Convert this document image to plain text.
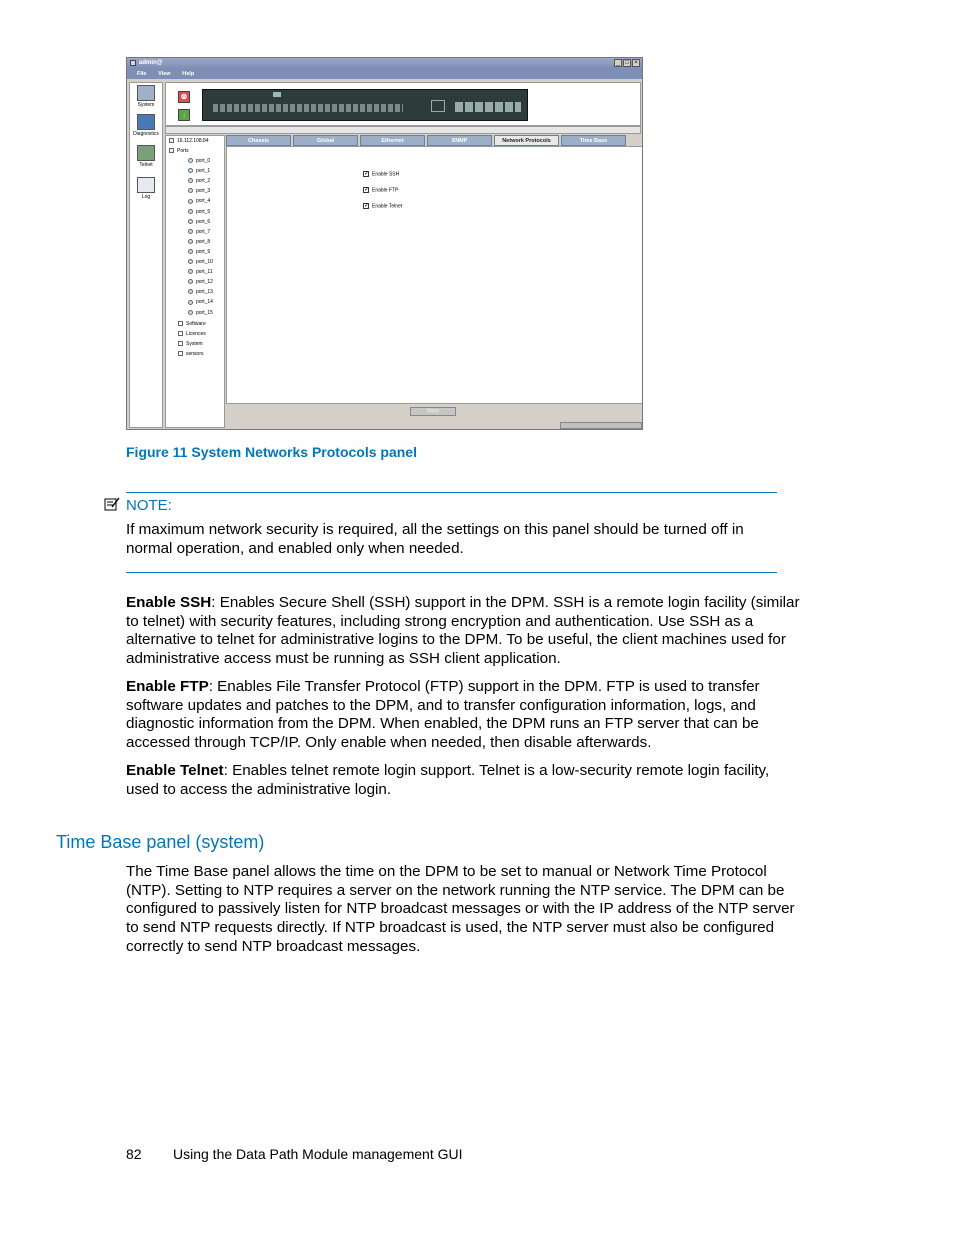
admin@	_ □ ×
File View Help
System
Diagnostics
Telnet
Log
⊗
↓
16.112.108.84
Ports
port_0
port_1
port_2
port_3
port_4
port_5
port_6
port_7
port_8
port_9
port_10
port_11
port_12
port_13
port_14
port_15
Software
Licences
System
sensors
Chassis	Global	Ethernet	SNMP	Network Protocols	Time Base
✓ Enable SSH
✓ Enable FTP
✓ Enable Telnet
Apply
Figure 11 System Networks Protocols panel
NOTE:
If maximum network security is required, all the settings on this panel should be turned off in normal operation, and enabled only when needed.
Enable SSH: Enables Secure Shell (SSH) support in the DPM. SSH is a remote login facility (similar to telnet) with security features, including strong encryption and authentication. Use SSH as a alternative to telnet for administrative logins to the DPM. To be useful, the client machines used for administrative access must be running as SSH client application.
Enable FTP: Enables File Transfer Protocol (FTP) support in the DPM. FTP is used to transfer software updates and patches to the DPM, and to transfer configuration information, logs, and diagnostic information from the DPM. When enabled, the DPM runs an FTP server that can be accessed through TCP/IP. Only enable when needed, then disable afterwards.
Enable Telnet: Enables telnet remote login support. Telnet is a low-security remote login facility, used to access the administrative login.
Time Base panel (system)
The Time Base panel allows the time on the DPM to be set to manual or Network Time Protocol (NTP). Setting to NTP requires a server on the network running the NTP service. The DPM can be configured to passively listen for NTP broadcast messages or with the IP address of the NTP server to send NTP requests directly. If NTP broadcast is used, the NTP server must also be configured correctly to send NTP broadcast messages.
82 Using the Data Path Module management GUI
